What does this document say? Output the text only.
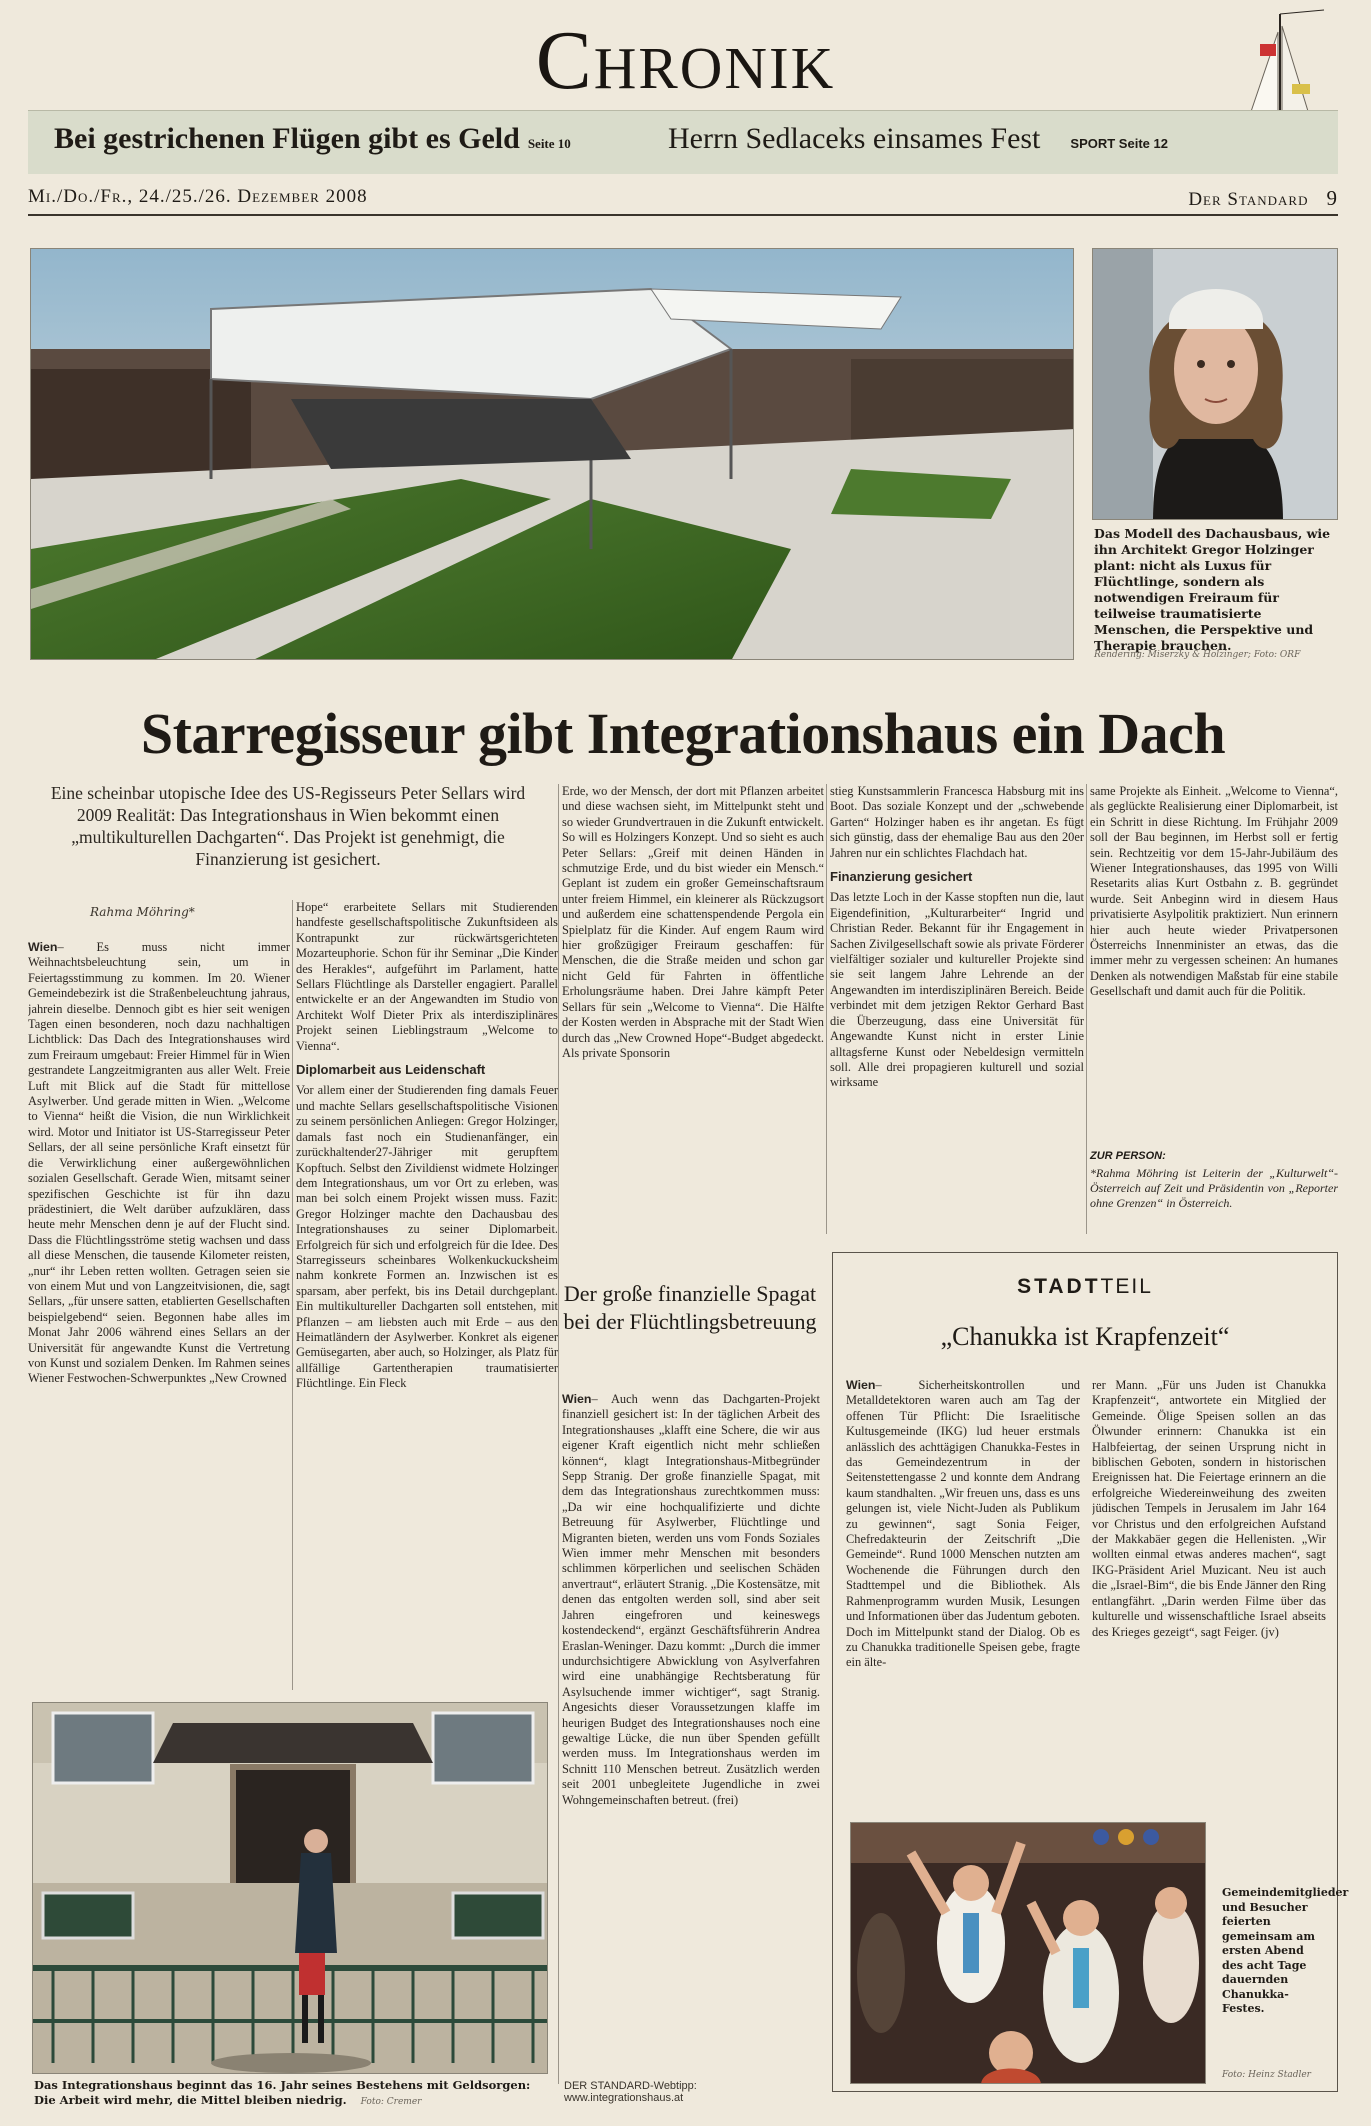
Chronik
Bei gestrichenen Flügen gibt es Geld Seite 10	Herrn Sedlaceks einsames Fest SPORT Seite 12
Mi./Do./Fr., 24./25./26. Dezember 2008	Der Standard 9
Das Modell des Dachausbaus, wie ihn Architekt Gregor Holzinger plant: nicht als Luxus für Flüchtlinge, sondern als notwendigen Freiraum für teilweise traumatisierte Menschen, die Perspektive und Therapie brauchen.
Rendering: Miserzky & Holzinger; Foto: ORF
Starregisseur gibt Integrationshaus ein Dach
Eine scheinbar utopische Idee des US-Regisseurs Peter Sellars wird 2009 Realität: Das Integrationshaus in Wien bekommt einen „multikulturellen Dachgarten“. Das Projekt ist genehmigt, die Finanzierung ist gesichert.
Rahma Möhring*
Wien– Es muss nicht immer Weihnachtsbeleuchtung sein, um in Feiertagsstimmung zu kommen. Im 20. Wiener Gemeindebezirk ist die Straßenbeleuchtung jahraus, jahrein dieselbe. Dennoch gibt es hier seit wenigen Tagen einen besonderen, noch dazu nachhaltigen Lichtblick: Das Dach des Integrationshauses wird zum Freiraum umgebaut: Freier Himmel für in Wien gestrandete Langzeitmigranten aus aller Welt. Freie Luft mit Blick auf die Stadt für mittellose Asylwerber. Und gerade mitten in Wien. „Welcome to Vienna“ heißt die Vision, die nun Wirklichkeit wird. Motor und Initiator ist US-Starregisseur Peter Sellars, der all seine persönliche Kraft einsetzt für die Verwirklichung einer außergewöhnlichen sozialen Gesellschaft. Gerade Wien, mitsamt seiner spezifischen Geschichte ist für ihn dazu prädestiniert, die Welt darüber aufzuklären, dass heute mehr Menschen denn je auf der Flucht sind. Dass die Flüchtlingsströme stetig wachsen und dass all diese Menschen, die tausende Kilometer reisten, „nur“ ihr Leben retten wollten. Getragen seien sie von einem Mut und von Langzeitvisionen, die, sagt Sellars, „für unsere satten, etablierten Gesellschaften beispielgebend“ seien. Begonnen habe alles im Monat Jahr 2006 während eines Sellars an der Universität für angewandte Kunst die Vertretung von Kunst und sozialem Denken. Im Rahmen seines Wiener Festwochen-Schwerpunktes „New Crowned
Hope“ erarbeitete Sellars mit Studierenden handfeste gesellschaftspolitische Zukunftsideen als Kontrapunkt zur rückwärtsgerichteten Mozarteuphorie. Schon für ihr Seminar „Die Kinder des Herakles“, aufgeführt im Parlament, hatte Sellars Flüchtlinge als Darsteller engagiert. Parallel entwickelte er an der Angewandten im Studio von Architekt Wolf Dieter Prix als interdisziplinäres Projekt seinen Lieblingstraum „Welcome to Vienna“.
Diplomarbeit aus Leidenschaft
Vor allem einer der Studierenden fing damals Feuer und machte Sellars gesellschaftspolitische Visionen zu seinem persönlichen Anliegen: Gregor Holzinger, damals fast noch ein Studienanfänger, ein zurückhaltender27-Jähriger mit gerupftem Kopftuch. Selbst den Zivildienst widmete Holzinger dem Integrationshaus, um vor Ort zu erleben, was man bei solch einem Projekt wissen muss. Fazit: Gregor Holzinger machte den Dachausbau des Integrationshauses zu seiner Diplomarbeit. Erfolgreich für sich und erfolgreich für die Idee. Des Starregisseurs scheinbares Wolkenkuckucksheim nahm konkrete Formen an. Inzwischen ist es sparsam, aber perfekt, bis ins Detail durchgeplant. Ein multikultureller Dachgarten soll entstehen, mit Pflanzen – am liebsten auch mit Erde – aus den Heimatländern der Asylwerber. Konkret als eigener Gemüsegarten, aber auch, so Holzinger, als Platz für allfällige Gartentherapien traumatisierter Flüchtlinge. Ein Fleck
Erde, wo der Mensch, der dort mit Pflanzen arbeitet und diese wachsen sieht, im Mittelpunkt steht und so wieder Grundvertrauen in die Zukunft entwickelt. So will es Holzingers Konzept. Und so sieht es auch Peter Sellars: „Greif mit deinen Händen in schmutzige Erde, und du bist wieder ein Mensch.“ Geplant ist zudem ein großer Gemeinschaftsraum unter freiem Himmel, ein kleinerer als Rückzugsort und außerdem eine schattenspendende Pergola ein Spielplatz für die Kinder. Auf engem Raum wird hier großzügiger Freiraum geschaffen: für Menschen, die die Straße meiden und schon gar nicht Geld für Fahrten in öffentliche Erholungsräume haben. Drei Jahre kämpft Peter Sellars für sein „Welcome to Vienna“. Die Hälfte der Kosten werden in Absprache mit der Stadt Wien durch das „New Crowned Hope“-Budget abgedeckt. Als private Sponsorin
stieg Kunstsammlerin Francesca Habsburg mit ins Boot. Das soziale Konzept und der „schwebende Garten“ Holzinger haben es ihr angetan. Es fügt sich günstig, dass der ehemalige Bau aus den 20er Jahren nur ein schlichtes Flachdach hat.
Finanzierung gesichert
Das letzte Loch in der Kasse stopften nun die, laut Eigendefinition, „Kulturarbeiter“ Ingrid und Christian Reder. Bekannt für ihr Engagement in Sachen Zivilgesellschaft sowie als private Förderer vielfältiger sozialer und kultureller Projekte sind sie seit langem Jahre Lehrende an der Angewandten im interdisziplinären Bereich. Beide verbindet mit dem jetzigen Rektor Gerhard Bast die Überzeugung, dass eine Universität für Angewandte Kunst nicht in erster Linie alltagsferne Kunst oder Nebeldesign vermitteln soll. Alle drei propagieren kulturell und sozial wirksame
same Projekte als Einheit. „Welcome to Vienna“, als geglückte Realisierung einer Diplomarbeit, ist ein Schritt in diese Richtung. Im Frühjahr 2009 soll der Bau beginnen, im Herbst soll er fertig sein. Rechtzeitig vor dem 15-Jahr-Jubiläum des Wiener Integrationshauses, das 1995 von Willi Resetarits alias Kurt Ostbahn z. B. gegründet wurde. Seit Anbeginn wird in diesem Haus privatisierte Asylpolitik praktiziert. Nun erinnern hier auch heute wieder Privatpersonen Österreichs Innenminister an etwas, das die immer mehr zu vergessen scheinen: An humanes Denken als notwendigen Maßstab für eine stabile Gesellschaft und damit auch für die Politik.
ZUR PERSON:
*Rahma Möhring ist Leiterin der „Kulturwelt“-Österreich auf Zeit und Präsidentin von „Reporter ohne Grenzen“ in Österreich.
Der große finanzielle Spagat bei der Flüchtlingsbetreuung
Wien– Auch wenn das Dachgarten-Projekt finanziell gesichert ist: In der täglichen Arbeit des Integrationshauses „klafft eine Schere, die wir aus eigener Kraft eigentlich nicht mehr schließen können“, klagt Integrationshaus-Mitbegründer Sepp Stranig. Der große finanzielle Spagat, mit dem das Integrationshaus zurechtkommen muss: „Da wir eine hochqualifizierte und dichte Betreuung für Asylwerber, Flüchtlinge und Migranten bieten, werden uns vom Fonds Soziales Wien immer mehr Menschen mit besonders schlimmen körperlichen und seelischen Schäden anvertraut“, erläutert Stranig. „Die Kostensätze, mit denen das entgolten werden soll, sind aber seit Jahren eingefroren und keineswegs kostendeckend“, ergänzt Geschäftsführerin Andrea Eraslan-Weninger. Dazu kommt: „Durch die immer undurchsichtigere Abwicklung von Asylverfahren wird eine unabhängige Rechtsberatung für Asylsuchende immer wichtiger“, sagt Stranig. Angesichts dieser Voraussetzungen klaffe im heurigen Budget des Integrationshauses noch eine gewaltige Lücke, die nun über Spenden gefüllt werden muss. Im Integrationshaus werden im Schnitt 110 Menschen betreut. Zusätzlich werden seit 2001 unbegleitete Jugendliche in zwei Wohngemeinschaften betreut. (frei)
DER STANDARD-Webtipp:
www.integrationshaus.at
STADTTEIL
„Chanukka ist Krapfenzeit“
Wien– Sicherheitskontrollen und Metalldetektoren waren auch am Tag der offenen Tür Pflicht: Die Israelitische Kultusgemeinde (IKG) lud heuer erstmals anlässlich des achttägigen Chanukka-Festes in das Gemeindezentrum in der Seitenstettengasse 2 und konnte dem Andrang kaum standhalten. „Wir freuen uns, dass es uns gelungen ist, viele Nicht-Juden als Publikum zu gewinnen“, sagt Sonia Feiger, Chefredakteurin der Zeitschrift „Die Gemeinde“. Rund 1000 Menschen nutzten am Wochenende die Führungen durch den Stadttempel und die Bibliothek. Als Rahmenprogramm wurden Musik, Lesungen und Informationen über das Judentum geboten. Doch im Mittelpunkt stand der Dialog. Ob es zu Chanukka traditionelle Speisen gebe, fragte ein älte-
rer Mann. „Für uns Juden ist Chanukka Krapfenzeit“, antwortete ein Mitglied der Gemeinde. Ölige Speisen sollen an das Ölwunder erinnern: Chanukka ist ein Halbfeiertag, der seinen Ursprung nicht in biblischen Geboten, sondern in historischen Ereignissen hat. Die Feiertage erinnern an die erfolgreiche Wiedereinweihung des zweiten jüdischen Tempels in Jerusalem im Jahr 164 vor Christus und den erfolgreichen Aufstand der Makkabäer gegen die Hellenisten. „Wir wollten einmal etwas anderes machen“, sagt IKG-Präsident Ariel Muzicant. Neu ist auch die „Israel-Bim“, die bis Ende Jänner den Ring entlangfährt. „Darin werden Filme über das kulturelle und wissenschaftliche Israel abseits des Krieges gezeigt“, sagt Feiger. (jv)
Gemeindemitglieder und Besucher feierten gemeinsam am ersten Abend des acht Tage dauernden Chanukka-Festes.
Foto: Heinz Stadler
Das Integrationshaus beginnt das 16. Jahr seines Bestehens mit Geldsorgen: Die Arbeit wird mehr, die Mittel bleiben niedrig. Foto: Cremer
